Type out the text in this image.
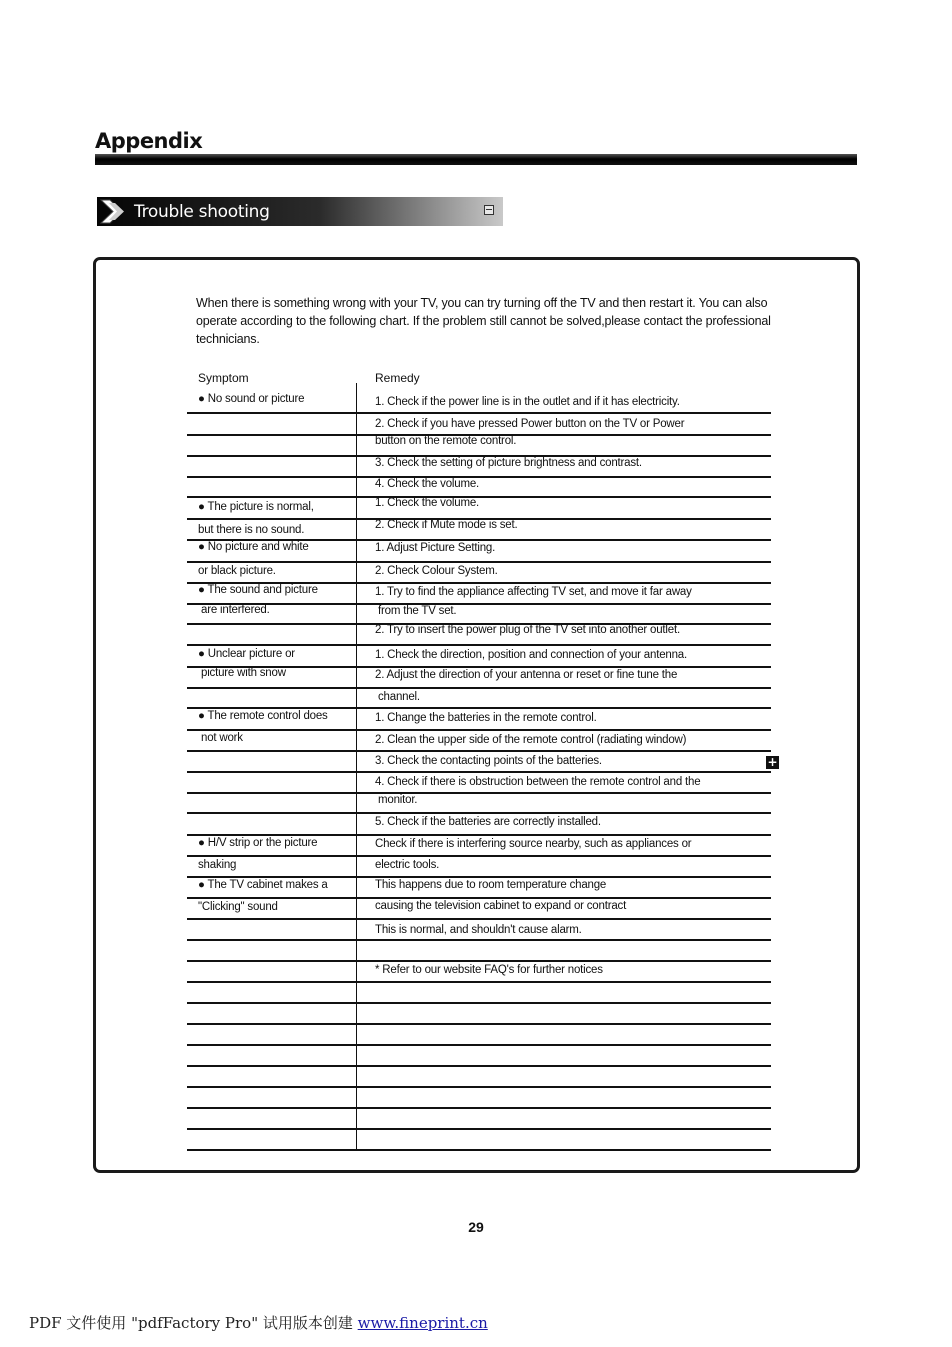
Appendix
Trouble shooting

When there is something wrong with your TV, you can try turning off the TV and then restart it. You can also operate according to the following chart. If the problem still cannot be solved,please contact the professional technicians.

Symptom	Remedy
● No sound or picture
● The picture is normal,
but there is no sound.
● No picture and white
or black picture.
● The sound and picture
are interfered.
● Unclear picture or
picture with snow
● The remote control does
not work
● H/V strip or the picture
shaking
● The TV cabinet makes a
"Clicking" sound
1. Check if the power line is in the outlet and if it has electricity.
2. Check if you have pressed Power button on the TV or Power
button on the remote control.
3. Check the setting of picture brightness and contrast.
4. Check the volume.
1. Check the volume.
2. Check if Mute mode is set.
1. Adjust Picture Setting.
2. Check Colour System.
1. Try to find the appliance affecting TV set, and move it far away
from the TV set.
2. Try to insert the power plug of the TV set into another outlet.
1. Check the direction, position and connection of your antenna.
2. Adjust the direction of your antenna or reset or fine tune the
channel.
1. Change the batteries in the remote control.
2. Clean the upper side of the remote control (radiating window)
3. Check the contacting points of the batteries.
4. Check if there is obstruction between the remote control and the
monitor.
5. Check if the batteries are correctly installed.
Check if there is interfering source nearby, such as appliances or
electric tools.
This happens due to room temperature change
causing the television cabinet to expand or contract
This is normal, and shouldn't cause alarm.
* Refer to our website FAQ's for further notices
+
29
PDF 文件使用 "pdfFactory Pro" 试用版本创建 www.fineprint.cn
